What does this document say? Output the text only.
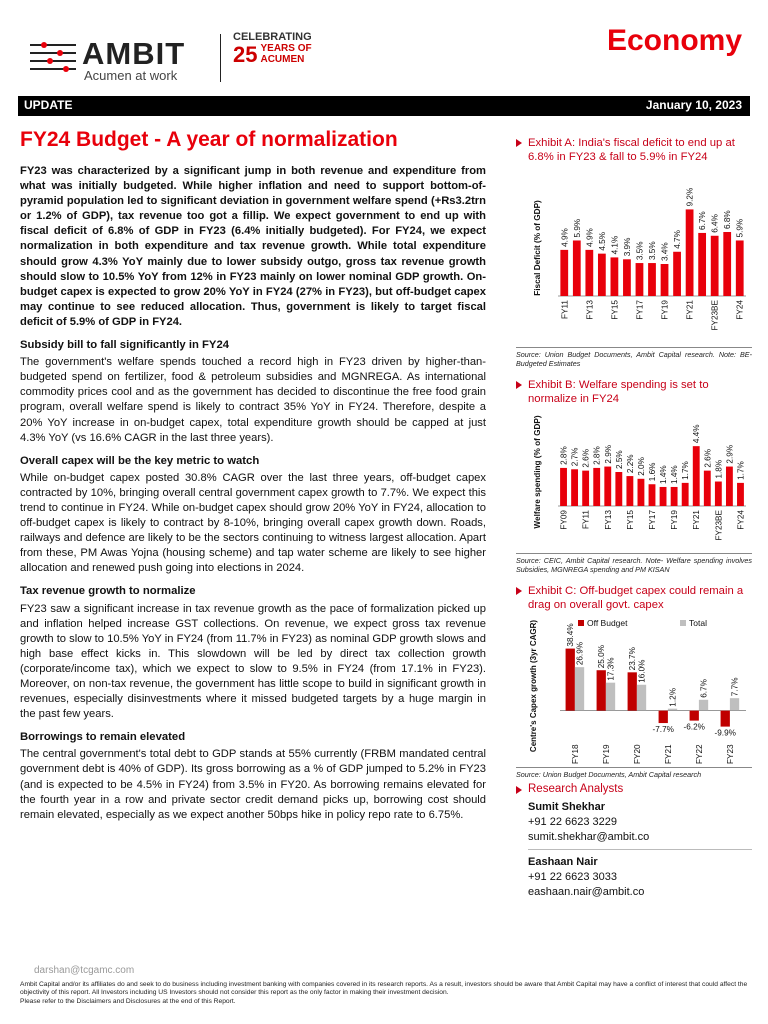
AMBIT
Acumen at work
CELEBRATING
25 YEARS OF
ACUMEN
Economy
UPDATE	January 10, 2023
FY24 Budget - A year of normalization

FY23 was characterized by a significant jump in both revenue and expenditure from what was initially budgeted. While higher inflation and need to support bottom-of-pyramid population led to significant deviation in government welfare spend (+Rs3.2trn or 1.2% of GDP), tax revenue too got a fillip. We expect government to end up with fiscal deficit of 6.8% of GDP in FY23 (6.4% initially budgeted). For FY24, we expect normalization in both expenditure and tax revenue growth. While total expenditure should grow 4.3% YoY mainly due to lower subsidy outgo, gross tax revenue growth should slow to 10.5% YoY from 12% in FY23 mainly on lower nominal GDP growth. On-budget capex is expected to grow 20% YoY in FY24 (27% in FY23), but off-budget capex may continue to see reduced allocation. Thus, government is likely to target fiscal deficit of 5.9% of GDP in FY24.

Subsidy bill to fall significantly in FY24

The government's welfare spends touched a record high in FY23 driven by higher-than-budgeted spend on fertilizer, food & petroleum subsidies and MGNREGA. As international commodity prices cool and as the government has decided to discontinue the free food grain program, overall welfare spend is likely to contract 35% YoY in FY24. Therefore, despite a 20% YoY increase in on-budget capex, total expenditure growth should be capped at just 4.3% YoY (vs 16.6% CAGR in the last three years).

Overall capex will be the key metric to watch

While on-budget capex posted 30.8% CAGR over the last three years, off-budget capex contracted by 10%, bringing overall central government capex growth to 7.7%. We expect this trend to continue in FY24. While on-budget capex should grow 20% YoY in FY24, allocation to off-budget capex is likely to contract by 8-10%, bringing overall capex growth down. Roads, railways and defence are likely to be the sectors continuing to witness largest allocation. Apart from these, PM Awas Yojna (housing scheme) and tap water scheme are likely to see higher allocation and renewed push going into elections in 2024.

Tax revenue growth to normalize

FY23 saw a significant increase in tax revenue growth as the pace of formalization picked up and inflation helped increase GST collections. On revenue, we expect gross tax revenue growth to slow to 10.5% YoY in FY24 (from 11.7% in FY23) as nominal GDP growth slows and high base effect kicks in. This slowdown will be led by direct tax collection growth (corporate/income tax), which we expect to slow to 9.5% in FY24 (from 17.1% in FY23). Moreover, on non-tax revenue, the government has little scope to build in significant growth in revenues, especially disinvestments where it missed budgeted targets by a huge margin in the past few years.

Borrowings to remain elevated

The central government's total debt to GDP stands at 55% currently (FRBM mandated central government debt is 40% of GDP). Its gross borrowing as a % of GDP jumped to 5.2% in FY23 (and is expected to be 4.5% in FY24) from 3.5% in FY20. As borrowing remains elevated for the fourth year in a row and private sector credit demand picks up, borrowing cost should remain elevated, especially as we expect another 50bps hike in policy repo rate to 6.75%.

Exhibit A: India's fiscal deficit to end up at 6.8% in FY23 & fall to 5.9% in FY24
4.9%
FY11
5.9%
4.9%
FY13
4.5% 4.1%
FY15
3.9% 3.5%
FY17
3.5% 3.4%
FY19
4.7%
9.2%
FY21
6.7% 6.4%
FY23BE
6.8% 5.9%
FY24
Fiscal Deficit (% of GDP)
Source: Union Budget Documents, Ambit Capital research. Note: BE- Budgeted Estimates
Exhibit B: Welfare spending is set to normalize in FY24
2.8%
FY09
2.7% 2.6%
FY11
2.8% 2.9%
FY13
2.5% 2.2%
FY15
2.0% 1.6%
FY17
1.4% 1.4%
FY19
1.7%
4.4%
FY21
2.6%
1.8%
FY23BE
2.9%
1.7%
FY24
Welfare spending (% of GDP)
Source: CEIC, Ambit Capital research. Note- Welfare spending involves Subsidies, MGNREGA spending and PM KISAN
Exhibit C: Off-budget capex could remain a drag on overall govt. capex
Off Budget	Total
38.4%
26.9%
FY18
25.0%
17.3%
FY19
23.7%
16.0%
FY20
-7.7%
1.2%
FY21
-6.2%
6.7%
FY22
-9.9%
7.7%
FY23
Centre's Capex growth (3yr CAGR)
Source: Union Budget Documents, Ambit Capital research
Research Analysts
Sumit Shekhar
+91 22 6623 3229
sumit.shekhar@ambit.co
Eashaan Nair
+91 22 6623 3033
eashaan.nair@ambit.co
darshan@tcgamc.com
Ambit Capital and/or its affiliates do and seek to do business including investment banking with companies covered in its research reports. As a result, investors should be aware that Ambit Capital may have a conflict of interest that could affect the objectivity of this report. All Investors including US Investors should not consider this report as the only factor in making their investment decision.
Please refer to the Disclaimers and Disclosures at the end of this Report.
